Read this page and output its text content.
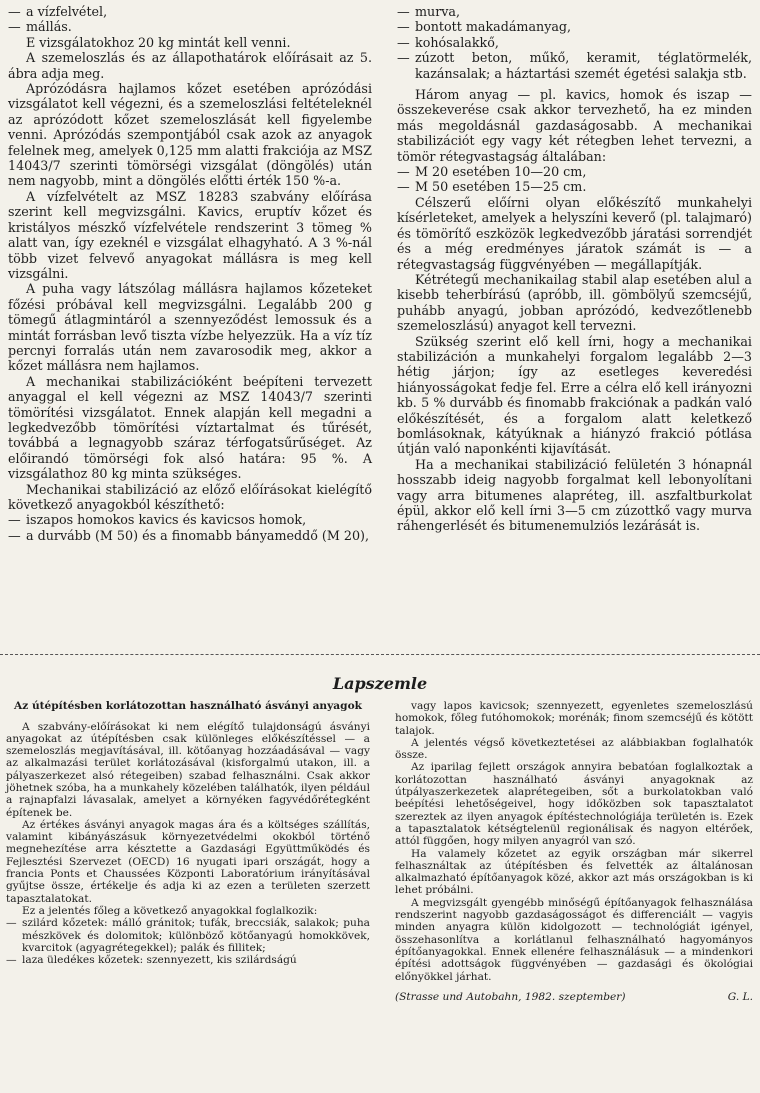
— a vízfelvétel,

— mállás.

E vizsgálatokhoz 20 kg mintát kell venni.

A szemeloszlás és az állapothatárok előírásait az 5. ábra adja meg.

Aprózódásra hajlamos kőzet esetében aprózódási vizsgálatot kell végezni, és a szemeloszlási feltételeknél az aprózódott kőzet szemeloszlását kell figyelembe venni. Aprózódás szempontjából csak azok az anyagok felelnek meg, amelyek 0,125 mm alatti frakciója az MSZ 14043/7 szerinti tömörségi vizsgálat (döngölés) után nem nagyobb, mint a döngölés előtti érték 150 %-a.

A vízfelvételt az MSZ 18283 szabvány előírása szerint kell megvizsgálni. Kavics, eruptív kőzet és kristályos mészkő vízfelvétele rendszerint 3 tömeg % alatt van, így ezeknél e vizsgálat elhagyható. A 3 %-nál több vizet felvevő anyagokat mállásra is meg kell vizsgálni.

A puha vagy látszólag mállásra hajlamos kőzeteket főzési próbával kell megvizsgálni. Legalább 200 g tömegű átlagmintáról a szennyeződést lemossuk és a mintát forrásban levő tiszta vízbe helyezzük. Ha a víz tíz percnyi forralás után nem zavarosodik meg, akkor a kőzet mállásra nem hajlamos.

A mechanikai stabilizációként beépíteni tervezett anyaggal el kell végezni az MSZ 14043/7 szerinti tömörítési vizsgálatot. Ennek alapján kell megadni a legkedvezőbb tömörítési víztartalmat és tűrését, továbbá a legnagyobb száraz térfogatsűrűséget. Az előirandó tömörségi fok alsó határa: 95 %. A vizsgálathoz 80 kg minta szükséges.

Mechanikai stabilizáció az előző előírásokat kielégítő következő anyagokból készíthető:

— iszapos homokos kavics és kavicsos homok,

— a durvább (M 50) és a finomabb bányameddő (M 20),

— murva,

— bontott makadámanyag,

— kohósalakkő,

— zúzott beton, műkő, keramit, téglatörmelék, kazánsalak; a háztartási szemét égetési salakja stb.

Három anyag — pl. kavics, homok és iszap — összekeverése csak akkor tervezhető, ha ez minden más megoldásnál gazdaságosabb. A mechanikai stabilizációt egy vagy két rétegben lehet tervezni, a tömör rétegvastagság általában:

— M 20 esetében 10—20 cm,

— M 50 esetében 15—25 cm.

Célszerű előírni olyan előkészítő munkahelyi kísérleteket, amelyek a helyszíni keverő (pl. talajmaró) és tömörítő eszközök legkedvezőbb járatási sorrendjét és a még eredményes járatok számát is — a rétegvastagság függvényében — megállapítják.

Kétrétegű mechanikailag stabil alap esetében alul a kisebb teherbírású (apróbb, ill. gömbölyű szemcséjű, puhább anyagú, jobban aprózódó, kedvezőtlenebb szemeloszlású) anyagot kell tervezni.

Szükség szerint elő kell írni, hogy a mechanikai stabilizáción a munkahelyi forgalom legalább 2—3 hétig járjon; így az esetleges keveredési hiányosságokat fedje fel. Erre a célra elő kell irányozni kb. 5 % durvább és finomabb frakciónak a padkán való előkészítését, és a forgalom alatt keletkező bomlásoknak, kátyúknak a hiányzó frakció pótlása útján való naponkénti kijavítását.

Ha a mechanikai stabilizáció felületén 3 hónapnál hosszabb ideig nagyobb forgalmat kell lebonyolítani vagy arra bitumenes alapréteg, ill. aszfaltburkolat épül, akkor elő kell írni 3—5 cm zúzottkő vagy murva ráhengerlését és bitumenemulziós lezárását is.

Lapszemle

Az útépítésben korlátozottan használható ásványi anyagok

A szabvány-előírásokat ki nem elégítő tulajdonságú ásványi anyagokat az útépítésben csak különleges előkészítéssel — a szemeloszlás megjavításával, ill. kötőanyag hozzáadásával — vagy az alkalmazási terület korlátozásával (kisforgalmú utakon, ill. a pályaszerkezet alsó rétegeiben) szabad felhasználni. Csak akkor jöhetnek szóba, ha a munkahely közelében találhatók, ilyen például a rajnapfalzi lávasalak, amelyet a környéken fagyvédőrétegként építenek be.

Az értékes ásványi anyagok magas ára és a költséges szállítás, valamint kibányászásuk környezetvédelmi okokból történő megnehezítése arra késztette a Gazdasági Együttműködés és Fejlesztési Szervezet (OECD) 16 nyugati ipari országát, hogy a francia Ponts et Chaussées Központi Laboratórium irányításával gyűjtse össze, értékelje és adja ki az ezen a területen szerzett tapasztalatokat.

Ez a jelentés főleg a következő anyagokkal foglalkozik:

— szilárd kőzetek: málló gránitok; tufák, breccsiák, salakok; puha mészkövek és dolomitok; különböző kötőanyagú homokkövek, kvarcitok (agyagrétegekkel); palák és fillitek;

— laza üledékes kőzetek: szennyezett, kis szilárdságú

vagy lapos kavicsok; szennyezett, egyenletes szemeloszlású homokok, főleg futóhomokok; morénák; finom szemcséjű és kötött talajok.

A jelentés végső következtetései az alábbiakban foglalhatók össze.

Az iparilag fejlett országok annyira bebatóan foglalkoztak a korlátozottan használható ásványi anyagoknak az útpályaszerkezetek alaprétegeiben, sőt a burkolatokban való beépítési lehetőségeivel, hogy időközben sok tapasztalatot szereztek az ilyen anyagok építéstechnológiája területén is. Ezek a tapasztalatok kétségtelenül regionálisak és nagyon eltérőek, attól függően, hogy milyen anyagról van szó.

Ha valamely kőzetet az egyik országban már sikerrel felhasználtak az útépítésben és felvették az általánosan alkalmazható építőanyagok közé, akkor azt más országokban is ki lehet próbálni.

A megvizsgált gyengébb minőségű építőanyagok felhasználása rendszerint nagyobb gazdaságosságot és differenciált — vagyis minden anyagra külön kidolgozott — technológiát igényel, összehasonlítva a korlátlanul felhasználható hagyományos építőanyagokkal. Ennek ellenére felhasználásuk — a mindenkori építési adottságok függvényében — gazdasági és ökológiai előnyökkel járhat.

(Strasse und Autobahn, 1982. szeptember)	G. L.
